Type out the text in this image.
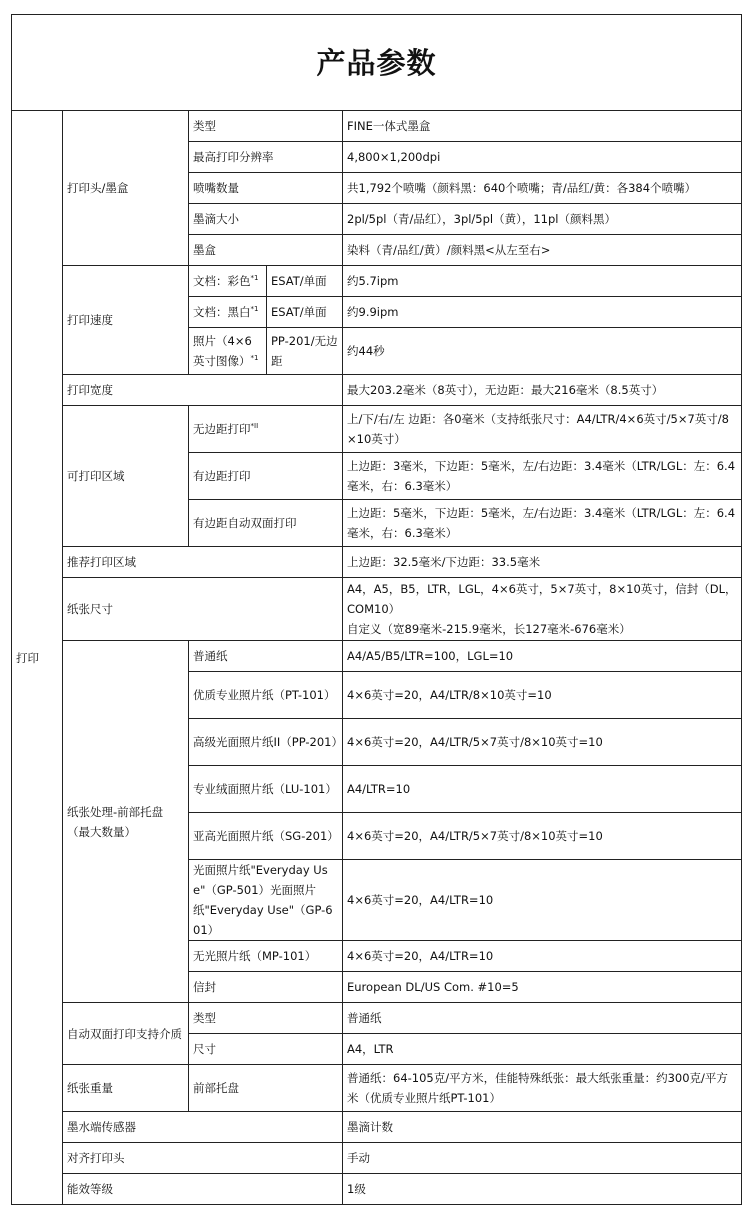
产品参数				
打印	打印头/墨盒	类型		FINE一体式墨盒
		最高打印分辨率		4,800×1,200dpi
		喷嘴数量		共1,792个喷嘴（颜料黑：640个喷嘴；青/品红/黄：各384个喷嘴）
		墨滴大小		2pl/5pl（青/品红），3pl/5pl（黄），11pl（颜料黑）
		墨盒		染料（青/品红/黄）/颜料黑<从左至右>
	打印速度	文档：彩色$^{*1}$	ESAT/单面	约5.7ipm
		文档：黑白$^{*1}$	ESAT/单面	约9.9ipm
		照片（4×6英寸图像）$^{*1}$	PP-201/无边距	约44秒
	打印宽度			最大203.2毫米（8英寸），无边距：最大216毫米（8.5英寸）
	可打印区域	无边距打印$^{*II}$		上/下/右/左 边距：各0毫米（支持纸张尺寸：A4/LTR/4×6英寸/5×7英寸/8×10英寸）
		有边距打印		上边距：3毫米，下边距：5毫米，左/右边距：3.4毫米（LTR/LGL：左：6.4毫米，右：6.3毫米）
		有边距自动双面打印		上边距：5毫米，下边距：5毫米，左/右边距：3.4毫米（LTR/LGL：左：6.4毫米，右：6.3毫米）
	推荐打印区域			上边距：32.5毫米/下边距：33.5毫米
	纸张尺寸			A4，A5，B5，LTR，LGL，4×6英寸，5×7英寸，8×10英寸，信封（DL，COM10）
自定义（宽89毫米-215.9毫米，长127毫米-676毫米）

	纸张处理-前部托盘（最大数量）	普通纸		A4/A5/B5/LTR=100，LGL=10
		优质专业照片纸（PT-101）		4×6英寸=20，A4/LTR/8×10英寸=10
		高级光面照片纸II（PP-201）		4×6英寸=20，A4/LTR/5×7英寸/8×10英寸=10
		专业绒面照片纸（LU-101）		A4/LTR=10
		亚高光面照片纸（SG-201）		4×6英寸=20，A4/LTR/5×7英寸/8×10英寸=10
		光面照片纸"Everyday Use"（GP-501）光面照片纸"Everyday Use"（GP-601）		4×6英寸=20，A4/LTR=10
		无光照片纸（MP-101）		4×6英寸=20，A4/LTR=10
		信封		European DL/US Com. #10=5
	自动双面打印支持介质	类型		普通纸
		尺寸		A4，LTR
	纸张重量	前部托盘		普通纸：64-105克/平方米，佳能特殊纸张：最大纸张重量：约300克/平方米（优质专业照片纸PT-101）
	墨水端传感器			墨滴计数
	对齐打印头			手动
	能效等级			1级
